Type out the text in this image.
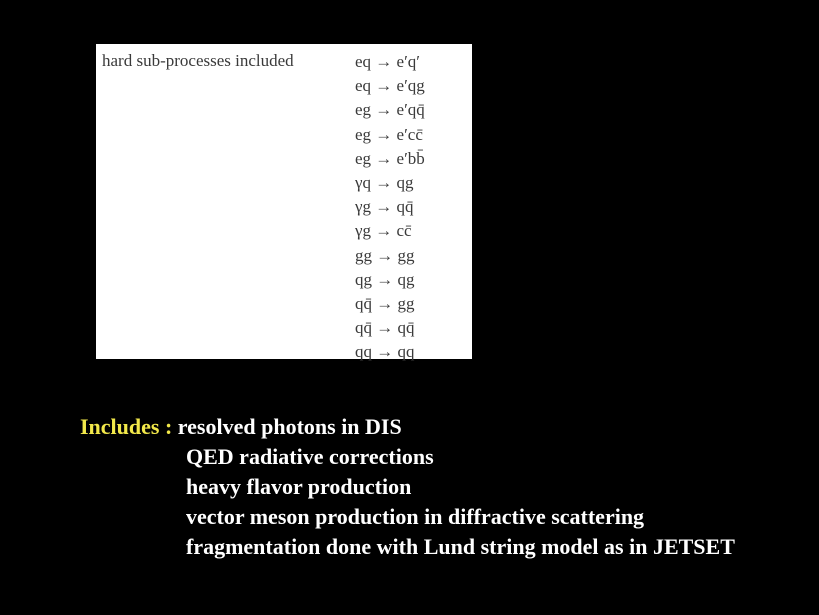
hard sub-processes included	eq → e′q′
eq → e′qg
eg → e′qq̄
eg → e′cc̄
eg → e′bb̄
γq → qg
γg → qq̄
γg → cc̄
gg → gg
qg → qg
qq̄ → gg
qq̄ → qq̄
qq → qq
Includes : resolved photons in DIS
QED radiative corrections
heavy flavor production
vector meson production in diffractive scattering
fragmentation done with Lund string model as in JETSET
